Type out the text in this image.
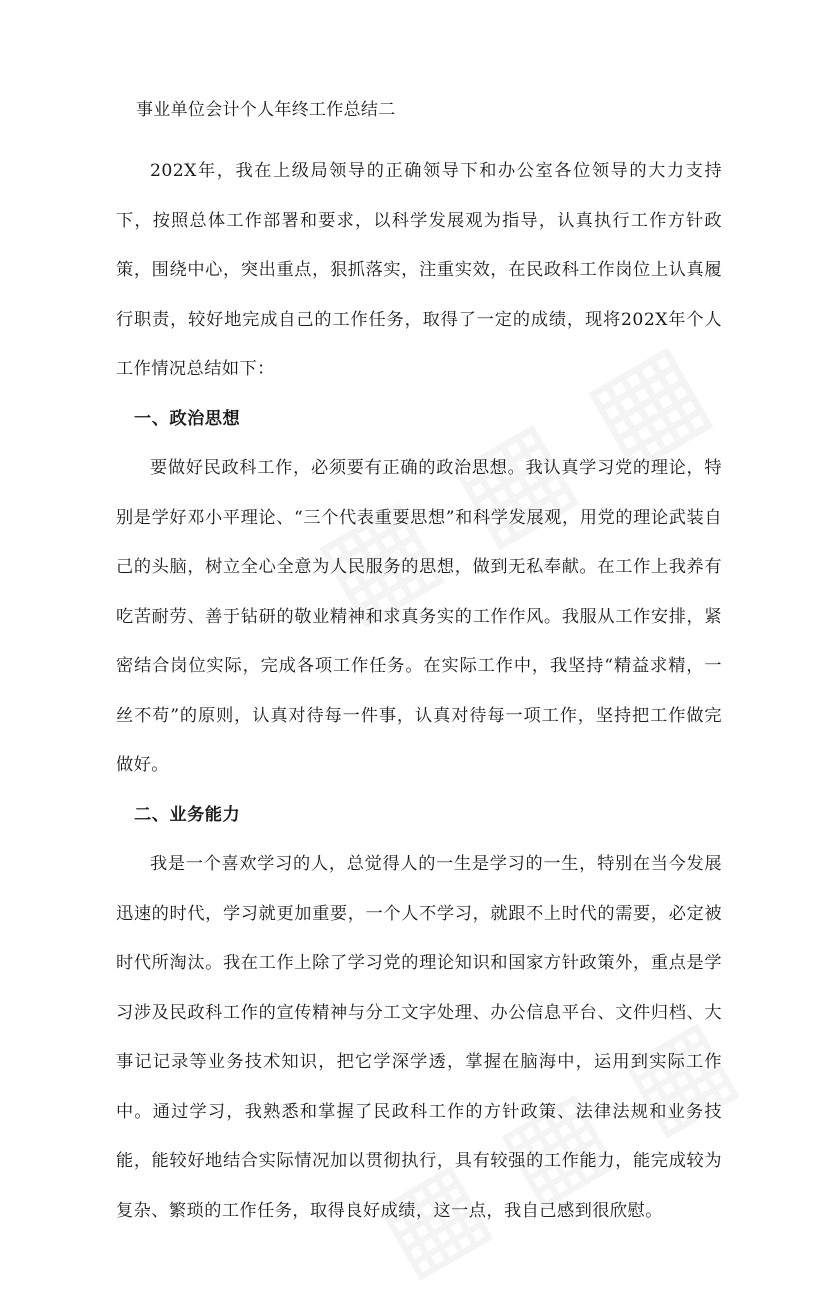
事业单位会计个人年终工作总结二

202X年，我在上级局领导的正确领导下和办公室各位领导的大力支持下，按照总体工作部署和要求，以科学发展观为指导，认真执行工作方针政策，围绕中心，突出重点，狠抓落实，注重实效，在民政科工作岗位上认真履行职责，较好地完成自己的工作任务，取得了一定的成绩，现将202X年个人工作情况总结如下：

一、政治思想

要做好民政科工作，必须要有正确的政治思想。我认真学习党的理论，特别是学好邓小平理论、“三个代表重要思想”和科学发展观，用党的理论武装自己的头脑，树立全心全意为人民服务的思想，做到无私奉献。在工作上我养有吃苦耐劳、善于钻研的敬业精神和求真务实的工作作风。我服从工作安排，紧密结合岗位实际，完成各项工作任务。在实际工作中，我坚持“精益求精，一丝不苟”的原则，认真对待每一件事，认真对待每一项工作，坚持把工作做完做好。

二、业务能力

我是一个喜欢学习的人，总觉得人的一生是学习的一生，特别在当今发展迅速的时代，学习就更加重要，一个人不学习，就跟不上时代的需要，必定被时代所淘汰。我在工作上除了学习党的理论知识和国家方针政策外，重点是学习涉及民政科工作的宣传精神与分工文字处理、办公信息平台、文件归档、大事记记录等业务技术知识，把它学深学透，掌握在脑海中，运用到实际工作中。通过学习，我熟悉和掌握了民政科工作的方针政策、法律法规和业务技能，能较好地结合实际情况加以贯彻执行，具有较强的工作能力，能完成较为复杂、繁琐的工作任务，取得良好成绩，这一点，我自己感到很欣慰。
